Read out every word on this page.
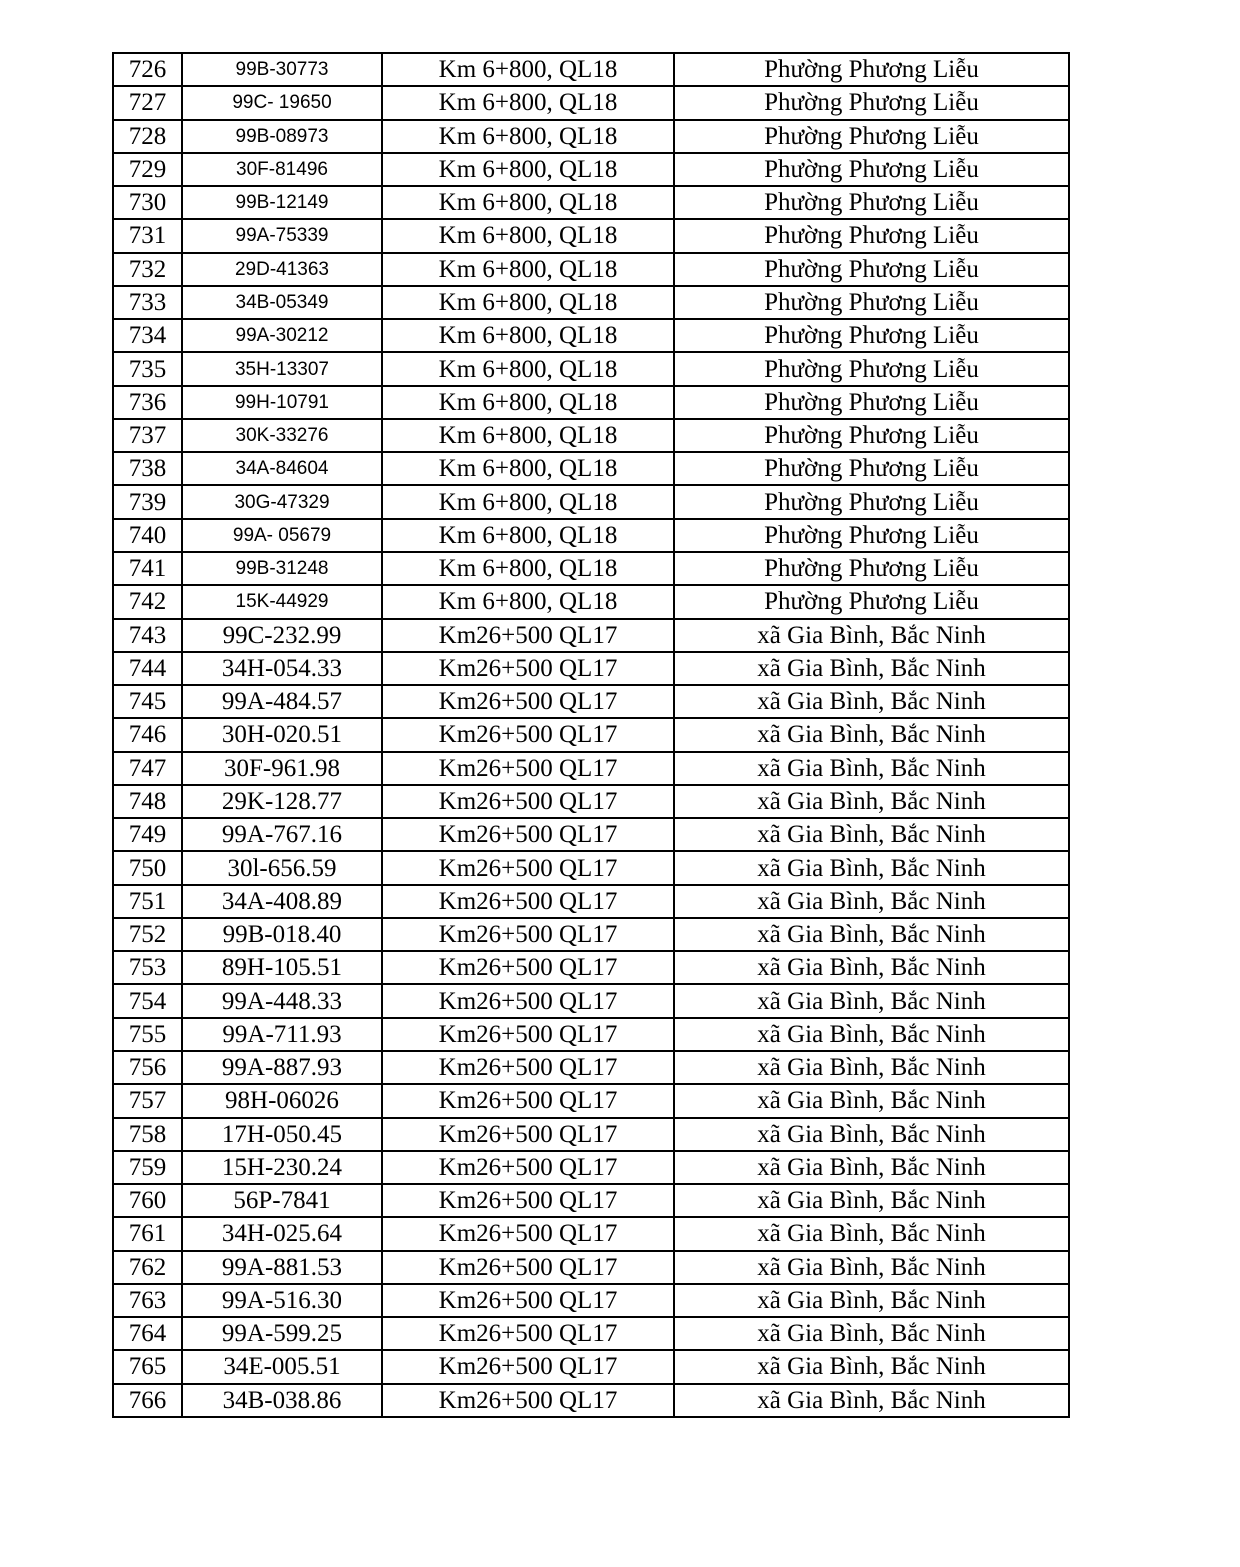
726	99B-30773	Km 6+800, QL18	Phường Phương Liễu
727	99C- 19650	Km 6+800, QL18	Phường Phương Liễu
728	99B-08973	Km 6+800, QL18	Phường Phương Liễu
729	30F-81496	Km 6+800, QL18	Phường Phương Liễu
730	99B-12149	Km 6+800, QL18	Phường Phương Liễu
731	99A-75339	Km 6+800, QL18	Phường Phương Liễu
732	29D-41363	Km 6+800, QL18	Phường Phương Liễu
733	34B-05349	Km 6+800, QL18	Phường Phương Liễu
734	99A-30212	Km 6+800, QL18	Phường Phương Liễu
735	35H-13307	Km 6+800, QL18	Phường Phương Liễu
736	99H-10791	Km 6+800, QL18	Phường Phương Liễu
737	30K-33276	Km 6+800, QL18	Phường Phương Liễu
738	34A-84604	Km 6+800, QL18	Phường Phương Liễu
739	30G-47329	Km 6+800, QL18	Phường Phương Liễu
740	99A- 05679	Km 6+800, QL18	Phường Phương Liễu
741	99B-31248	Km 6+800, QL18	Phường Phương Liễu
742	15K-44929	Km 6+800, QL18	Phường Phương Liễu
743	99C-232.99	Km26+500 QL17	xã Gia Bình, Bắc Ninh
744	34H-054.33	Km26+500 QL17	xã Gia Bình, Bắc Ninh
745	99A-484.57	Km26+500 QL17	xã Gia Bình, Bắc Ninh
746	30H-020.51	Km26+500 QL17	xã Gia Bình, Bắc Ninh
747	30F-961.98	Km26+500 QL17	xã Gia Bình, Bắc Ninh
748	29K-128.77	Km26+500 QL17	xã Gia Bình, Bắc Ninh
749	99A-767.16	Km26+500 QL17	xã Gia Bình, Bắc Ninh
750	30l-656.59	Km26+500 QL17	xã Gia Bình, Bắc Ninh
751	34A-408.89	Km26+500 QL17	xã Gia Bình, Bắc Ninh
752	99B-018.40	Km26+500 QL17	xã Gia Bình, Bắc Ninh
753	89H-105.51	Km26+500 QL17	xã Gia Bình, Bắc Ninh
754	99A-448.33	Km26+500 QL17	xã Gia Bình, Bắc Ninh
755	99A-711.93	Km26+500 QL17	xã Gia Bình, Bắc Ninh
756	99A-887.93	Km26+500 QL17	xã Gia Bình, Bắc Ninh
757	98H-06026	Km26+500 QL17	xã Gia Bình, Bắc Ninh
758	17H-050.45	Km26+500 QL17	xã Gia Bình, Bắc Ninh
759	15H-230.24	Km26+500 QL17	xã Gia Bình, Bắc Ninh
760	56P-7841	Km26+500 QL17	xã Gia Bình, Bắc Ninh
761	34H-025.64	Km26+500 QL17	xã Gia Bình, Bắc Ninh
762	99A-881.53	Km26+500 QL17	xã Gia Bình, Bắc Ninh
763	99A-516.30	Km26+500 QL17	xã Gia Bình, Bắc Ninh
764	99A-599.25	Km26+500 QL17	xã Gia Bình, Bắc Ninh
765	34E-005.51	Km26+500 QL17	xã Gia Bình, Bắc Ninh
766	34B-038.86	Km26+500 QL17	xã Gia Bình, Bắc Ninh
